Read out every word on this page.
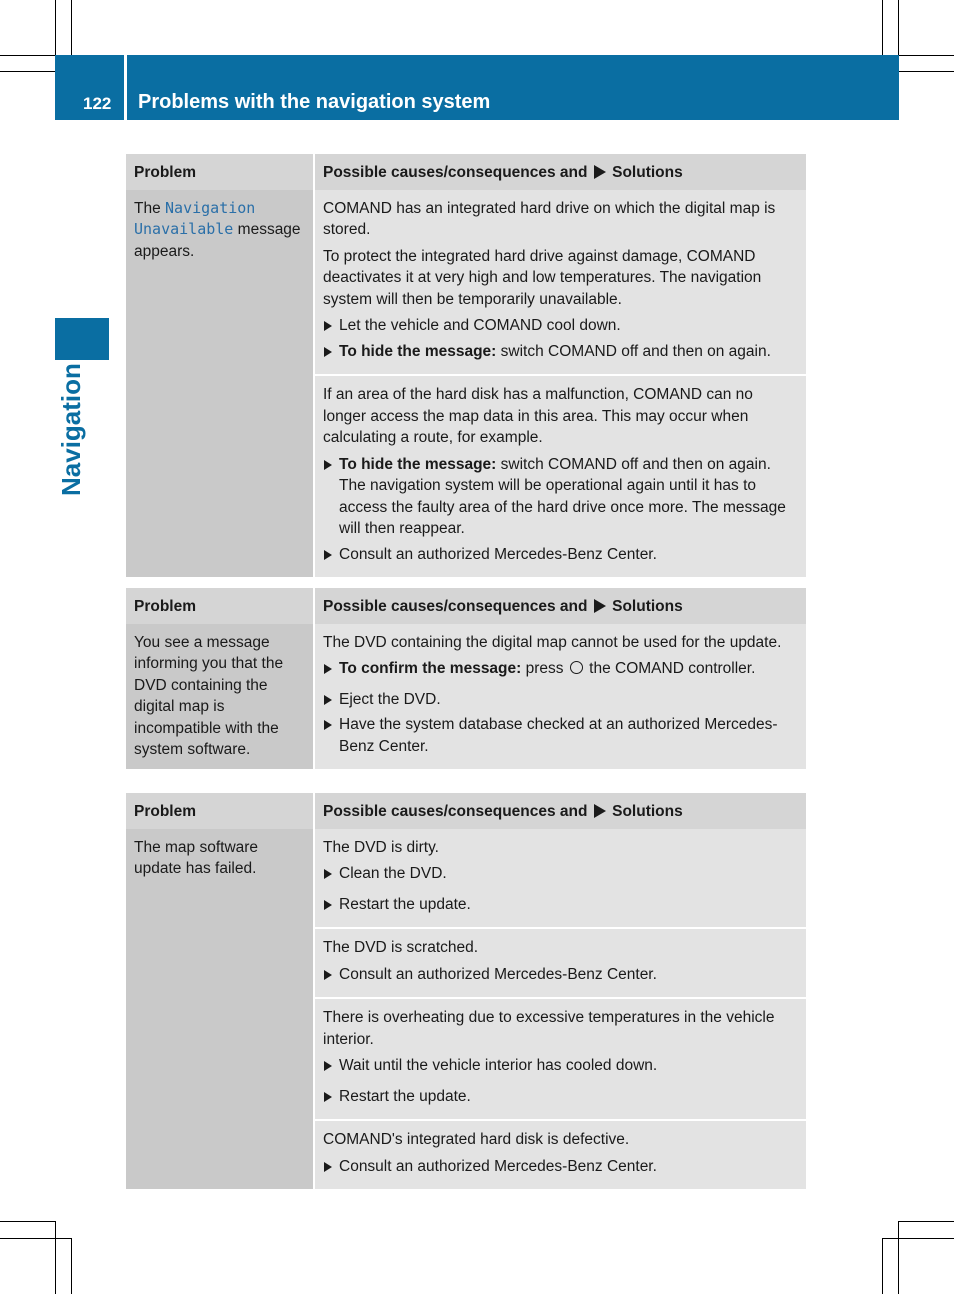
122 Problems with the navigation system
Navigation
Problem	Possible causes/consequences and Solutions
The Navigation Unavailable message appears.	COMAND has an integrated hard drive on which the digital map is stored.

To protect the integrated hard drive against damage, COMAND deactivates it at very high and low temperatures. The navigation system will then be temporarily unavailable.

Let the vehicle and COMAND cool down.
To hide the message: switch COMAND off and then on again.

	If an area of the hard disk has a malfunction, COMAND can no longer access the map data in this area. This may occur when calculating a route, for example.

To hide the message: switch COMAND off and then on again. The navigation system will be operational again until it has to access the faulty area of the hard drive once more. The message will then reappear.
Consult an authorized Mercedes-Benz Center.
Problem	Possible causes/consequences and Solutions
You see a message informing you that the DVD containing the digital map is incompatible with the system software.	The DVD containing the digital map cannot be used for the update.

To confirm the message: press the COMAND controller.
Eject the DVD.
Have the system database checked at an authorized Mercedes-Benz Center.
Problem	Possible causes/consequences and Solutions
The map software update has failed.	The DVD is dirty.

Clean the DVD.
Restart the update.

	The DVD is scratched.

Consult an authorized Mercedes-Benz Center.

	There is overheating due to excessive temperatures in the vehicle interior.

Wait until the vehicle interior has cooled down.
Restart the update.

	COMAND's integrated hard disk is defective.

Consult an authorized Mercedes-Benz Center.
